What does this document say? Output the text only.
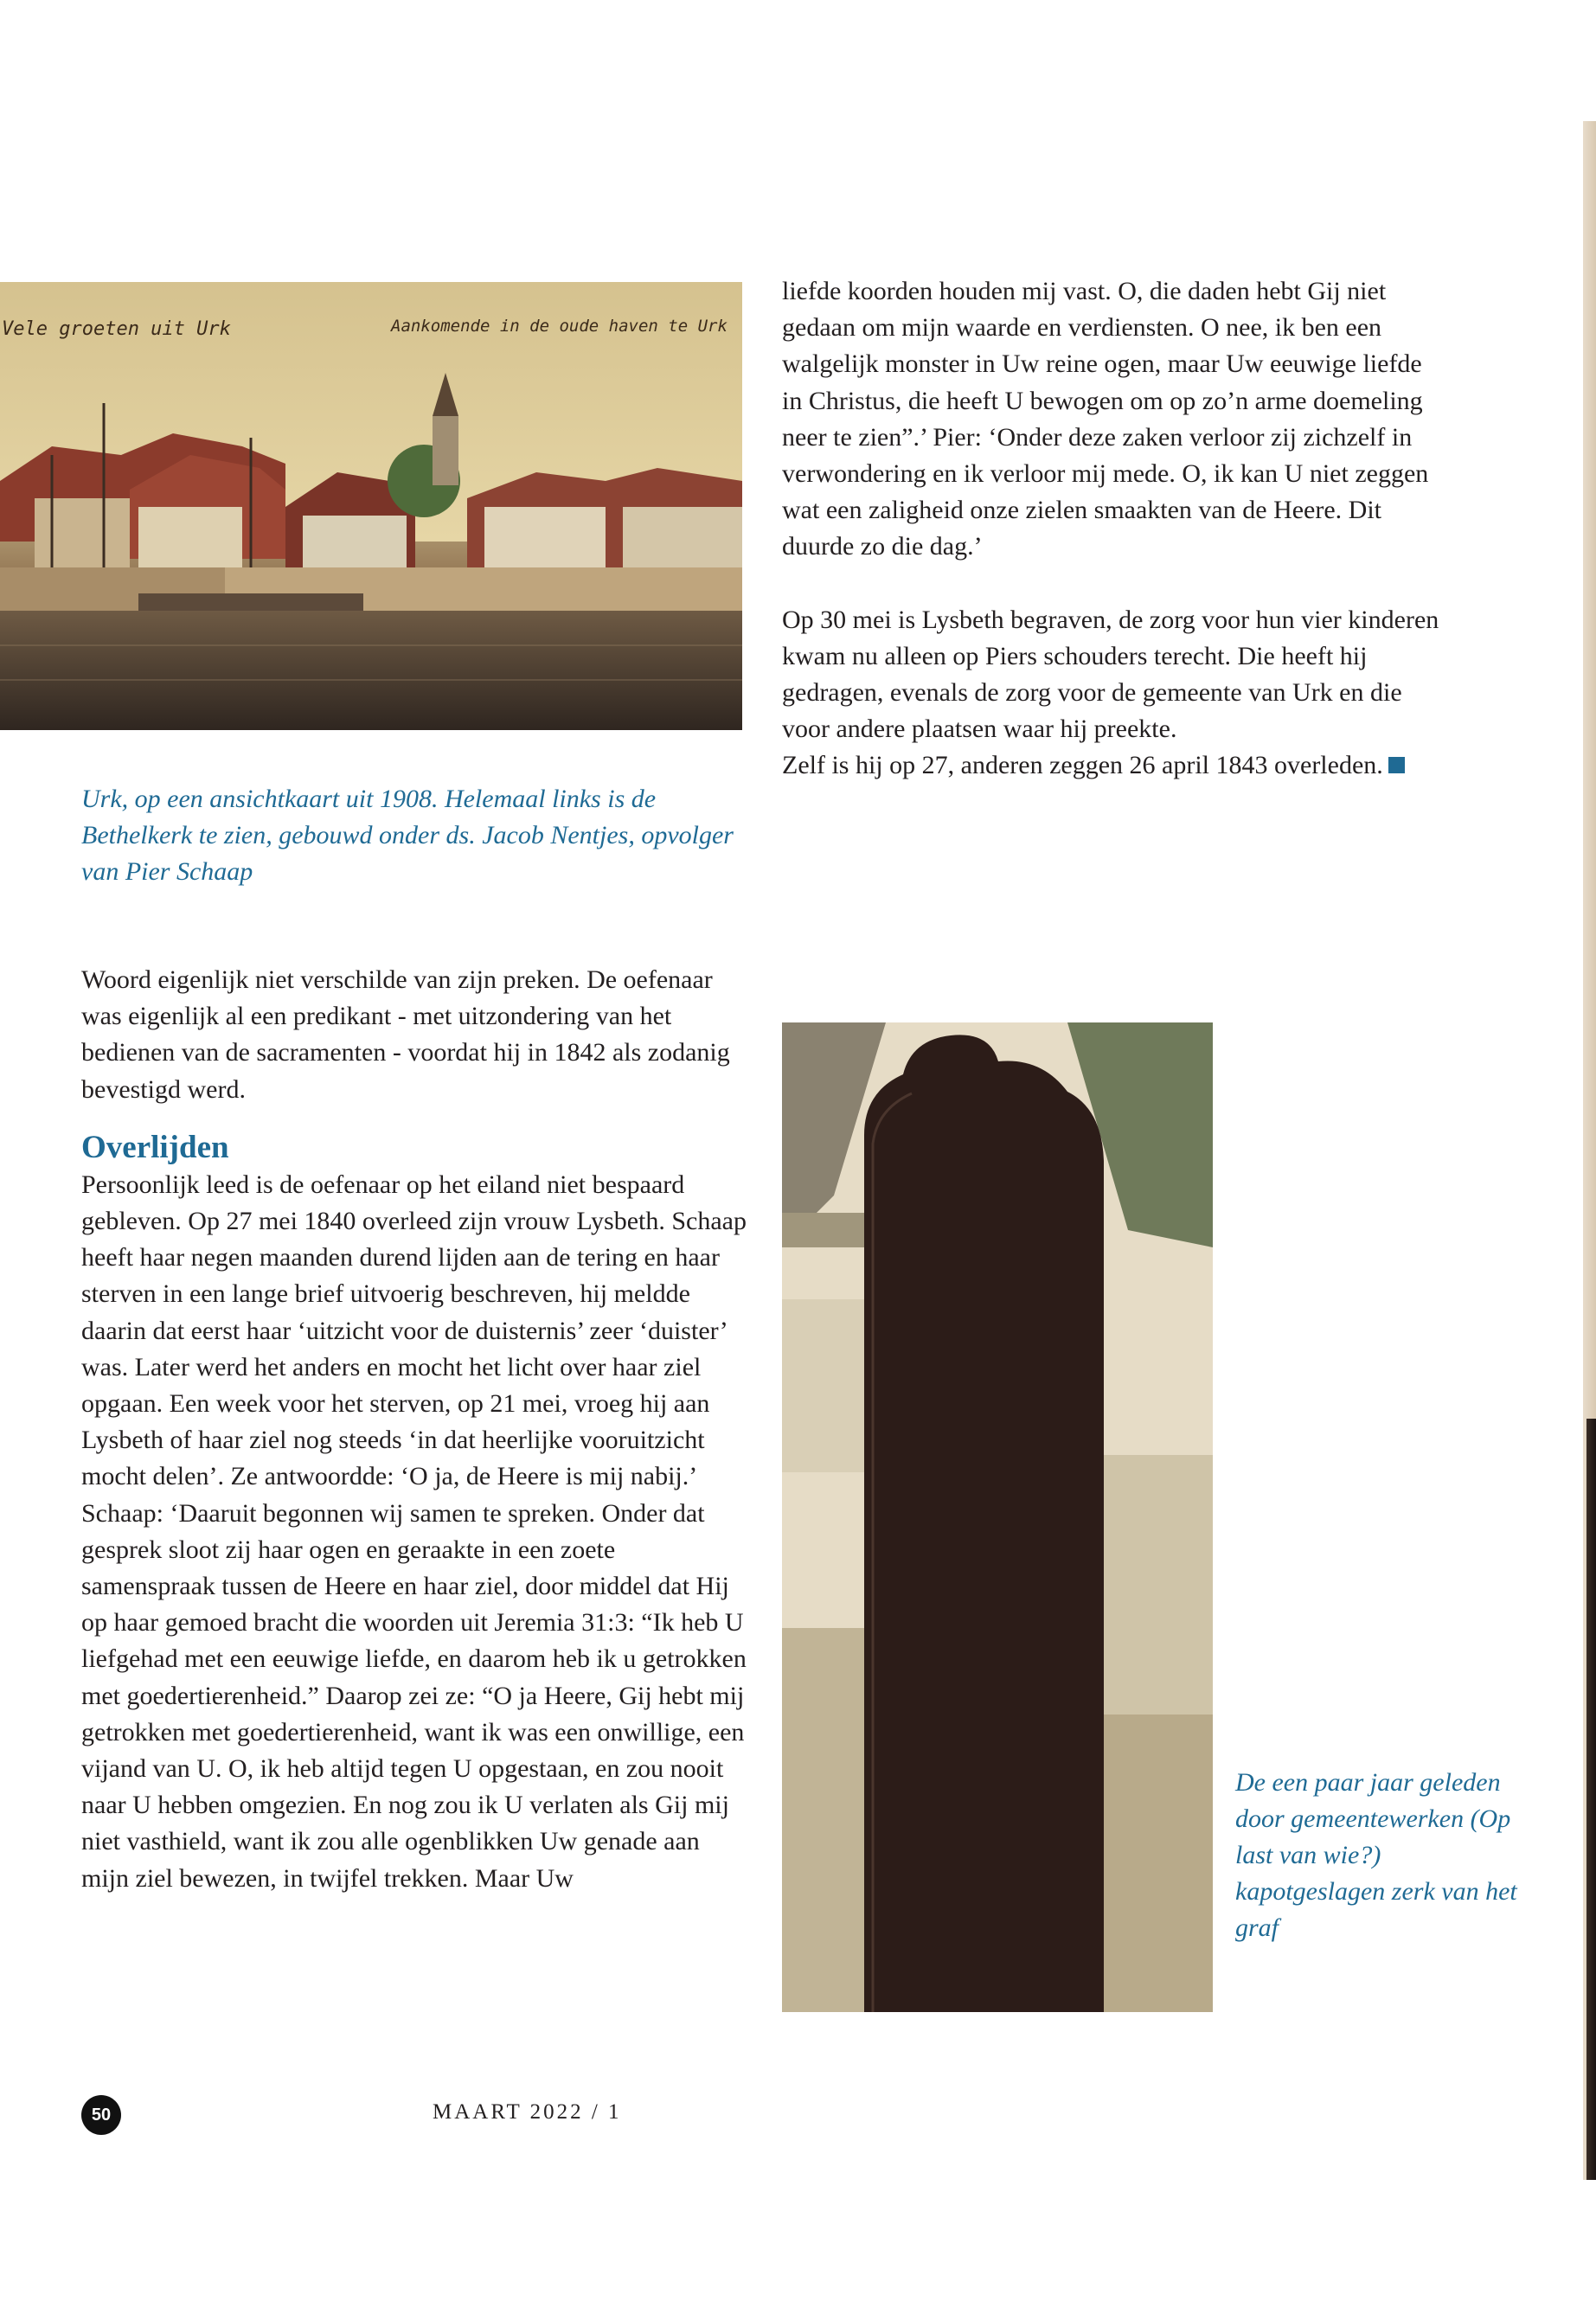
Vele groeten uit Urk	Aankomende in de oude haven te Urk
Urk, op een ansichtkaart uit 1908. Helemaal links is de Bethelkerk te zien, gebouwd onder ds. Jacob Nentjes, opvolger van Pier Schaap

liefde koorden houden mij vast. O, die daden hebt Gij niet gedaan om mijn waarde en verdiensten. O nee, ik ben een walgelijk monster in Uw reine ogen, maar Uw eeuwige liefde in Christus, die heeft U bewogen om op zo’n arme doemeling neer te zien”.’ Pier: ‘Onder deze zaken verloor zij zichzelf in verwondering en ik verloor mij mede. O, ik kan U niet zeggen wat een zaligheid onze zielen smaakten van de Heere. Dit duurde zo die dag.’

Op 30 mei is Lysbeth begraven, de zorg voor hun vier kinderen kwam nu alleen op Piers schouders terecht. Die heeft hij gedragen, evenals de zorg voor de gemeente van Urk en die voor andere plaatsen waar hij preekte.

Zelf is hij op 27, anderen zeggen 26 april 1843 overleden.

Woord eigenlijk niet verschilde van zijn preken. De oefenaar was eigenlijk al een predikant - met uitzondering van het bedienen van de sacramenten - voordat hij in 1842 als zodanig bevestigd werd.

Overlijden

Persoonlijk leed is de oefenaar op het eiland niet bespaard gebleven. Op 27 mei 1840 overleed zijn vrouw Lysbeth. Schaap heeft haar negen maanden durend lijden aan de tering en haar sterven in een lange brief uitvoerig beschreven, hij meldde daarin dat eerst haar ‘uitzicht voor de duisternis’ zeer ‘duister’ was. Later werd het anders en mocht het licht over haar ziel opgaan. Een week voor het sterven, op 21 mei, vroeg hij aan Lysbeth of haar ziel nog steeds ‘in dat heerlijke vooruitzicht mocht delen’. Ze antwoordde: ‘O ja, de Heere is mij nabij.’ Schaap: ‘Daaruit begonnen wij samen te spreken. Onder dat gesprek sloot zij haar ogen en geraakte in een zoete samenspraak tussen de Heere en haar ziel, door middel dat Hij op haar gemoed bracht die woorden uit Jeremia 31:3: “Ik heb U liefgehad met een eeuwige liefde, en daarom heb ik u getrokken met goedertierenheid.” Daarop zei ze: “O ja Heere, Gij hebt mij getrokken met goedertierenheid, want ik was een onwillige, een vijand van U. O, ik heb altijd tegen U opgestaan, en zou nooit naar U hebben omgezien. En nog zou ik U verlaten als Gij mij niet vasthield, want ik zou alle ogenblikken Uw genade aan mijn ziel bewezen, in twijfel trekken. Maar Uw

De een paar jaar geleden door gemeentewerken (Op last van wie?) kapotgeslagen zerk van het graf
50	MAART 2022 / 1
